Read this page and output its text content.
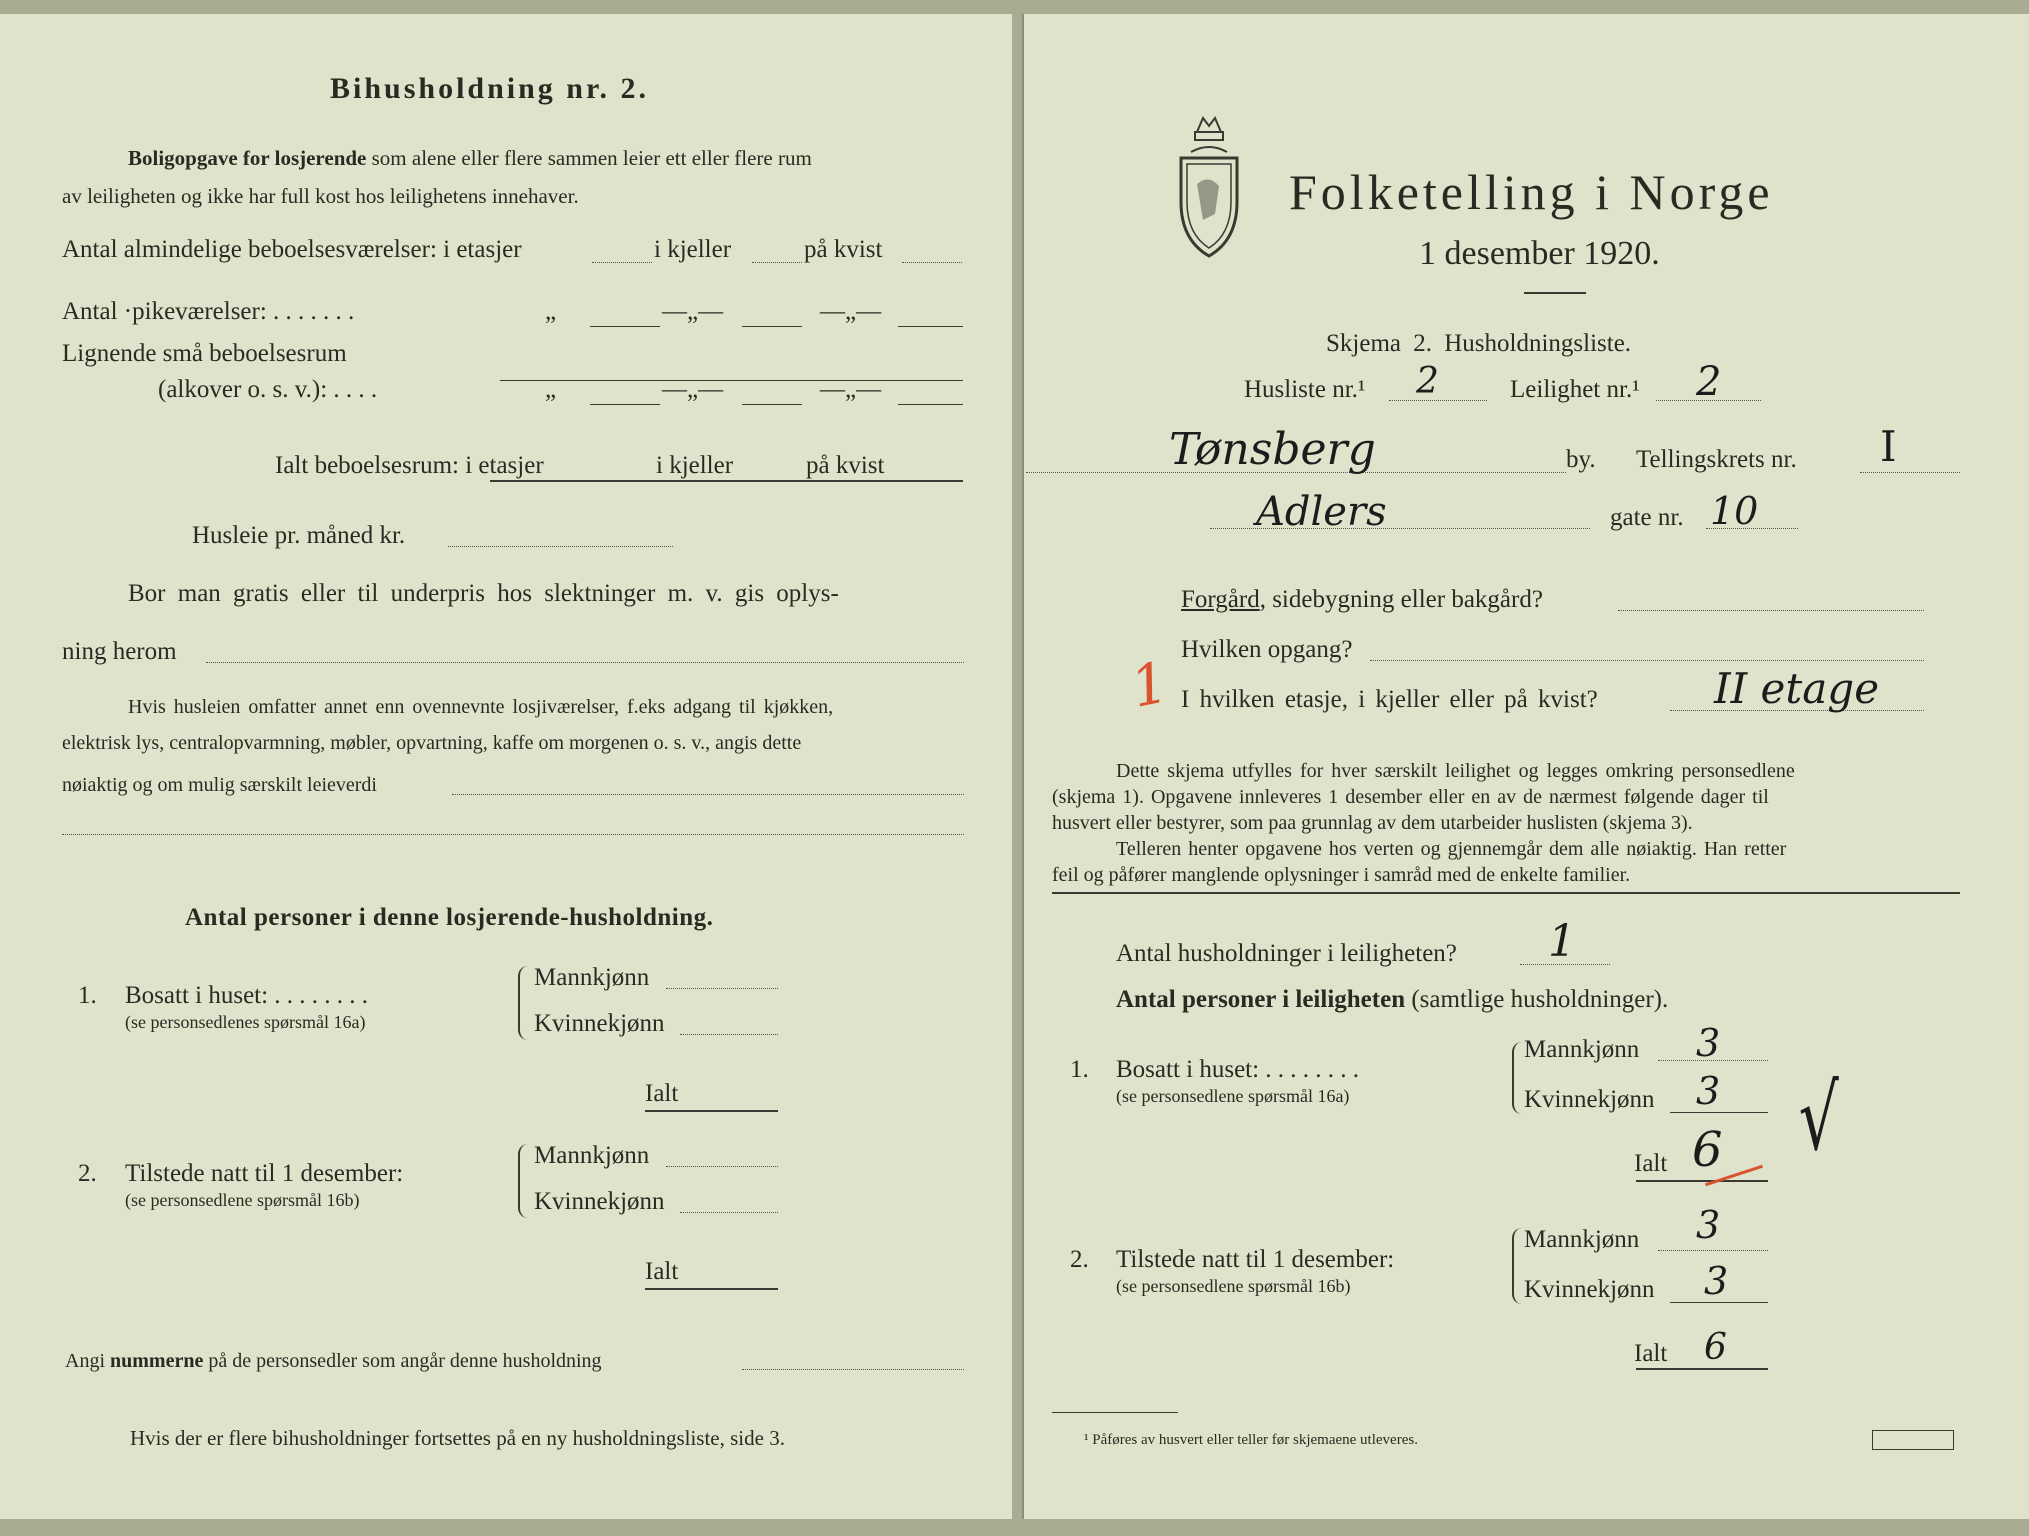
Bihusholdning nr. 2.
Boligopgave for losjerende som alene eller flere sammen leier ett eller flere rum
av leiligheten og ikke har full kost hos leilighetens innehaver.
Antal almindelige beboelsesværelser: i etasjer	i kjeller	på kvist
Antal ·pikeværelser: . . . . . . .	„	—„—	—„—
Lignende små beboelsesrum
(alkover o. s. v.): . . . .	„	—„—	—„—
Ialt beboelsesrum: i etasjer	i kjeller	på kvist
Husleie pr. måned kr.
Bor man gratis eller til underpris hos slektninger m. v. gis oplys-
ning herom
Hvis husleien omfatter annet enn ovennevnte losjiværelser, f.eks adgang til kjøkken,
elektrisk lys, centralopvarmning, møbler, opvartning, kaffe om morgenen o. s. v., angis dette
nøiaktig og om mulig særskilt leieverdi
Antal personer i denne losjerende-husholdning.
1. Bosatt i huset: . . . . . . . .
(se personsedlenes spørsmål 16a)
Mannkjønn
Kvinnekjønn
Ialt
2. Tilstede natt til 1 desember:
(se personsedlene spørsmål 16b)
Mannkjønn
Kvinnekjønn
Ialt
Angi nummerne på de personsedler som angår denne husholdning
Hvis der er flere bihusholdninger fortsettes på en ny husholdningsliste, side 3.
Folketelling i Norge
1 desember 1920.
Skjema 2. Husholdningsliste.
Husliste nr.¹ 2	Leilighet nr.¹ 2
Tønsberg	by. Tellingskrets nr. I
Adlers	gate nr. 10
Forgård, sidebygning eller bakgård?
Hvilken opgang?
1 I hvilken etasje, i kjeller eller på kvist?	II etage
Dette skjema utfylles for hver særskilt leilighet og legges omkring personsedlene
(skjema 1). Opgavene innleveres 1 desember eller en av de nærmest følgende dager til
husvert eller bestyrer, som paa grunnlag av dem utarbeider huslisten (skjema 3).
Telleren henter opgavene hos verten og gjennemgår dem alle nøiaktig. Han retter
feil og påfører manglende oplysninger i samråd med de enkelte familier.
Antal husholdninger i leiligheten? 1
Antal personer i leiligheten (samtlige husholdninger).
1. Bosatt i huset: . . . . . . . .
(se personsedlene spørsmål 16a)
Mannkjønn 3
Kvinnekjønn 3
Ialt 6 √
2. Tilstede natt til 1 desember:
(se personsedlene spørsmål 16b)
Mannkjønn 3
Kvinnekjønn 3
Ialt 6
¹ Påføres av husvert eller teller før skjemaene utleveres.
